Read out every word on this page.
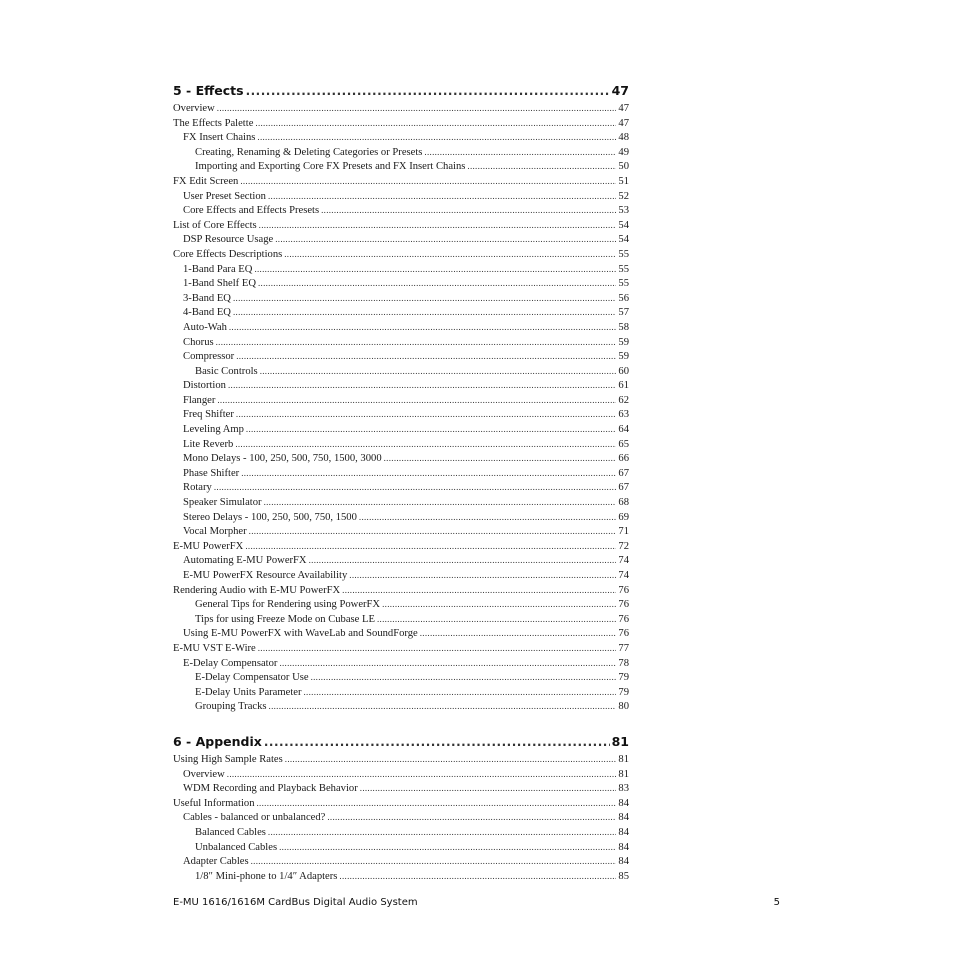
5 - Effects .....	47
Overview .....	47
The Effects Palette .....	47
FX Insert Chains .....	48
Creating, Renaming & Deleting Categories or Presets .....	49
Importing and Exporting Core FX Presets and FX Insert Chains .....	50
FX Edit Screen .....	51
User Preset Section .....	52
Core Effects and Effects Presets .....	53
List of Core Effects .....	54
DSP Resource Usage .....	54
Core Effects Descriptions .....	55
1-Band Para EQ .....	55
1-Band Shelf EQ .....	55
3-Band EQ .....	56
4-Band EQ .....	57
Auto-Wah .....	58
Chorus .....	59
Compressor .....	59
Basic Controls .....	60
Distortion .....	61
Flanger .....	62
Freq Shifter .....	63
Leveling Amp .....	64
Lite Reverb .....	65
Mono Delays - 100, 250, 500, 750, 1500, 3000 .....	66
Phase Shifter .....	67
Rotary .....	67
Speaker Simulator .....	68
Stereo Delays - 100, 250, 500, 750, 1500 .....	69
Vocal Morpher .....	71
E-MU PowerFX .....	72
Automating E-MU PowerFX .....	74
E-MU PowerFX Resource Availability .....	74
Rendering Audio with E-MU PowerFX .....	76
General Tips for Rendering using PowerFX .....	76
Tips for using Freeze Mode on Cubase LE .....	76
Using E-MU PowerFX with WaveLab and SoundForge .....	76
E-MU VST E-Wire .....	77
E-Delay Compensator .....	78
E-Delay Compensator Use .....	79
E-Delay Units Parameter .....	79
Grouping Tracks .....	80
6 - Appendix .....	81
Using High Sample Rates .....	81
Overview .....	81
WDM Recording and Playback Behavior .....	83
Useful Information .....	84
Cables - balanced or unbalanced? .....	84
Balanced Cables .....	84
Unbalanced Cables .....	84
Adapter Cables .....	84
1/8″ Mini-phone to 1/4″ Adapters .....	85
E-MU 1616/1616M CardBus Digital Audio System	5
